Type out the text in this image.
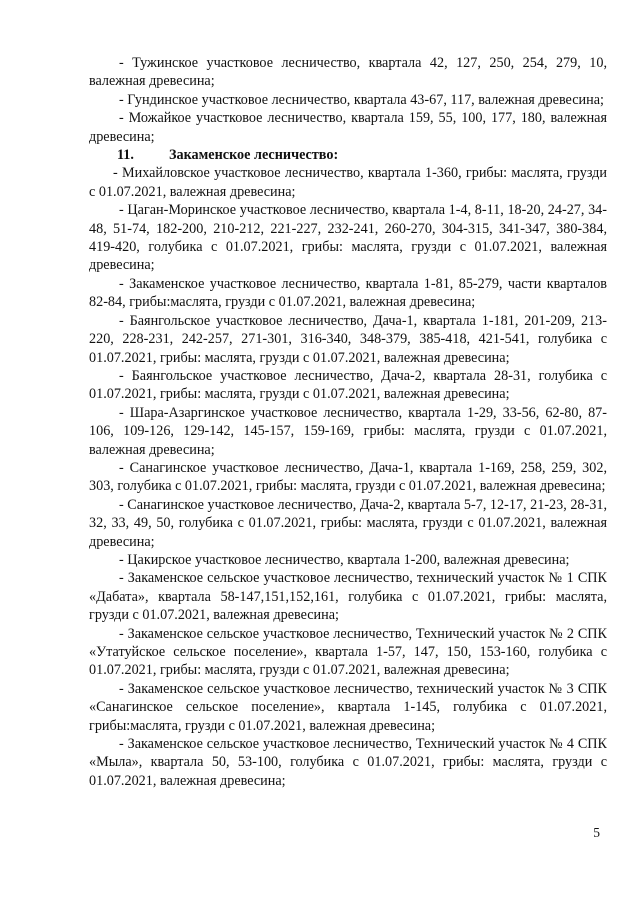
- Тужинское участковое лесничество, квартала 42, 127, 250, 254, 279, 10, валежная древесина;

- Гундинское участковое лесничество, квартала 43-67, 117, валежная древесина;

- Можайкое участковое лесничество, квартала 159, 55, 100, 177, 180, валежная древесина;

11. Закаменское лесничество:

- Михайловское участковое лесничество, квартала 1-360, грибы: маслята, грузди с 01.07.2021, валежная древесина;

- Цаган-Моринское участковое лесничество, квартала 1-4, 8-11, 18-20, 24-27, 34-48, 51-74, 182-200, 210-212, 221-227, 232-241, 260-270, 304-315, 341-347, 380-384, 419-420, голубика с 01.07.2021, грибы: маслята, грузди с 01.07.2021, валежная древесина;

- Закаменское участковое лесничество, квартала 1-81, 85-279, части кварталов 82-84, грибы:маслята, грузди с 01.07.2021, валежная древесина;

- Баянгольское участковое лесничество, Дача-1, квартала 1-181, 201-209, 213-220, 228-231, 242-257, 271-301, 316-340, 348-379, 385-418, 421-541, голубика с 01.07.2021, грибы: маслята, грузди с 01.07.2021, валежная древесина;

- Баянгольское участковое лесничество, Дача-2, квартала 28-31, голубика с 01.07.2021, грибы: маслята, грузди с 01.07.2021, валежная древесина;

- Шара-Азаргинское участковое лесничество, квартала 1-29, 33-56, 62-80, 87-106, 109-126, 129-142, 145-157, 159-169, грибы: маслята, грузди с 01.07.2021, валежная древесина;

- Санагинское участковое лесничество, Дача-1, квартала 1-169, 258, 259, 302, 303, голубика с 01.07.2021, грибы: маслята, грузди с 01.07.2021, валежная древесина;

- Санагинское участковое лесничество, Дача-2, квартала 5-7, 12-17, 21-23, 28-31, 32, 33, 49, 50, голубика с 01.07.2021, грибы: маслята, грузди с 01.07.2021, валежная древесина;

- Цакирское участковое лесничество, квартала 1-200, валежная древесина;

- Закаменское сельское участковое лесничество, технический участок № 1 СПК «Дабата», квартала 58-147,151,152,161, голубика с 01.07.2021, грибы: маслята, грузди с 01.07.2021, валежная древесина;

- Закаменское сельское участковое лесничество, Технический участок № 2 СПК «Утатуйское сельское поселение», квартала 1-57, 147, 150, 153-160, голубика с 01.07.2021, грибы: маслята, грузди с 01.07.2021, валежная древесина;

- Закаменское сельское участковое лесничество, технический участок № 3 СПК «Санагинское сельское поселение», квартала 1-145, голубика с 01.07.2021, грибы:маслята, грузди с 01.07.2021, валежная древесина;

- Закаменское сельское участковое лесничество, Технический участок № 4 СПК «Мыла», квартала 50, 53-100, голубика с 01.07.2021, грибы: маслята, грузди с 01.07.2021, валежная древесина;

5
